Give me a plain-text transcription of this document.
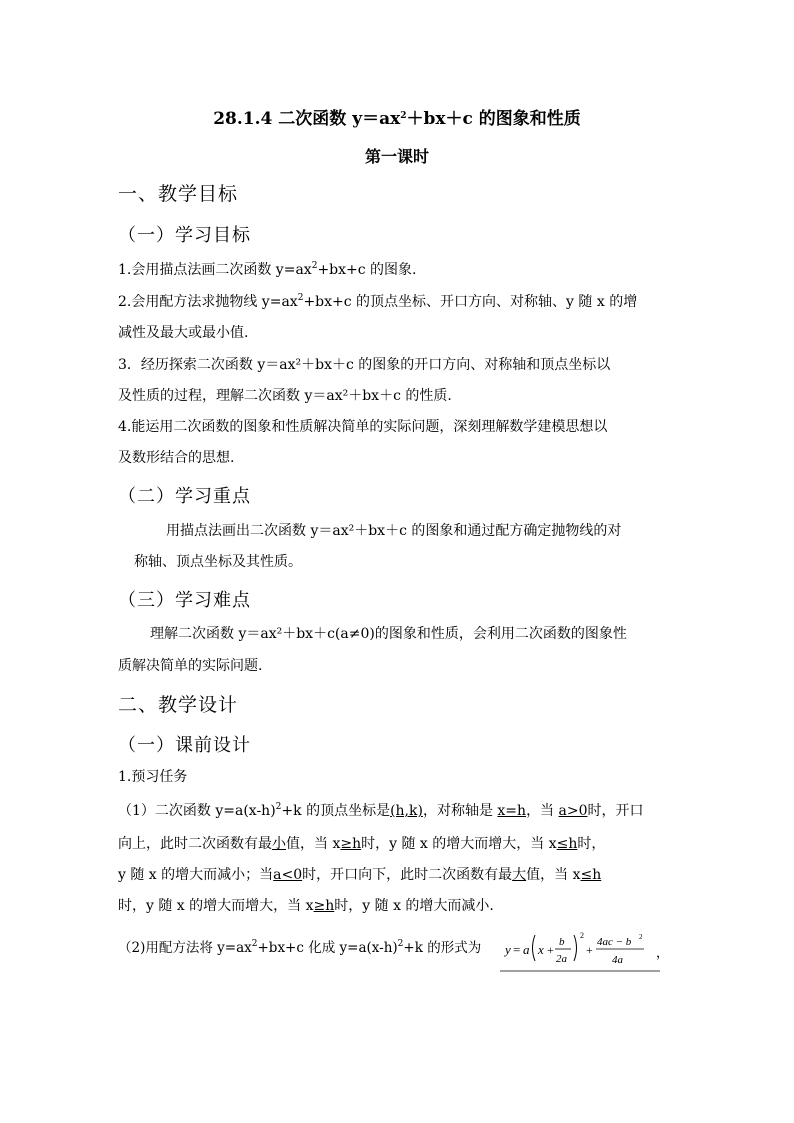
28.1.4 二次函数 $y=ax^2+bx+c$ 的图象和性质
第一课时
一、教学目标
（一）学习目标
1.会用描点法画二次函数 $y=ax^2+bx+c$ 的图象.
2.会用配方法求抛物线 $y=ax^2+bx+c$ 的顶点坐标、开口方向、对称轴、y 随 x 的增
减性及最大或最小值.
3．经历探索二次函数 y＝ax²＋bx＋c 的图象的开口方向、对称轴和顶点坐标以
及性质的过程，理解二次函数 y＝ax²＋bx＋c 的性质.
4.能运用二次函数的图象和性质解决简单的实际问题，深刻理解数学建模思想以
及数形结合的思想.
（二）学习重点
用描点法画出二次函数 y＝ax²＋bx＋c 的图象和通过配方确定抛物线的对
称轴、顶点坐标及其性质。
（三）学习难点
理解二次函数 y＝ax²＋bx＋c(a≠0)的图象和性质，会利用二次函数的图象性
质解决简单的实际问题.
二、教学设计
（一）课前设计
1.预习任务
（1）二次函数 $y=a(x-h)^2+k$ 的顶点坐标是(h,k)，对称轴是 x=h，当 a>0时，开口
向上，此时二次函数有最小值，当 x≥h时，y 随 x 的增大而增大，当 x≤h时，
y 随 x 的增大而减小；当a<0时，开口向下，此时二次函数有最大值，当 x≤h
时，y 随 x 的增大而增大，当 x≥h时，y 随 x 的增大而减小.
（2)用配方法将 $y=ax^2+bx+c$ 化成 $y=a(x-h)^2+k$ 的形式为 y = a x +
b
2a
2
+
4ac − b 2
4a	，
